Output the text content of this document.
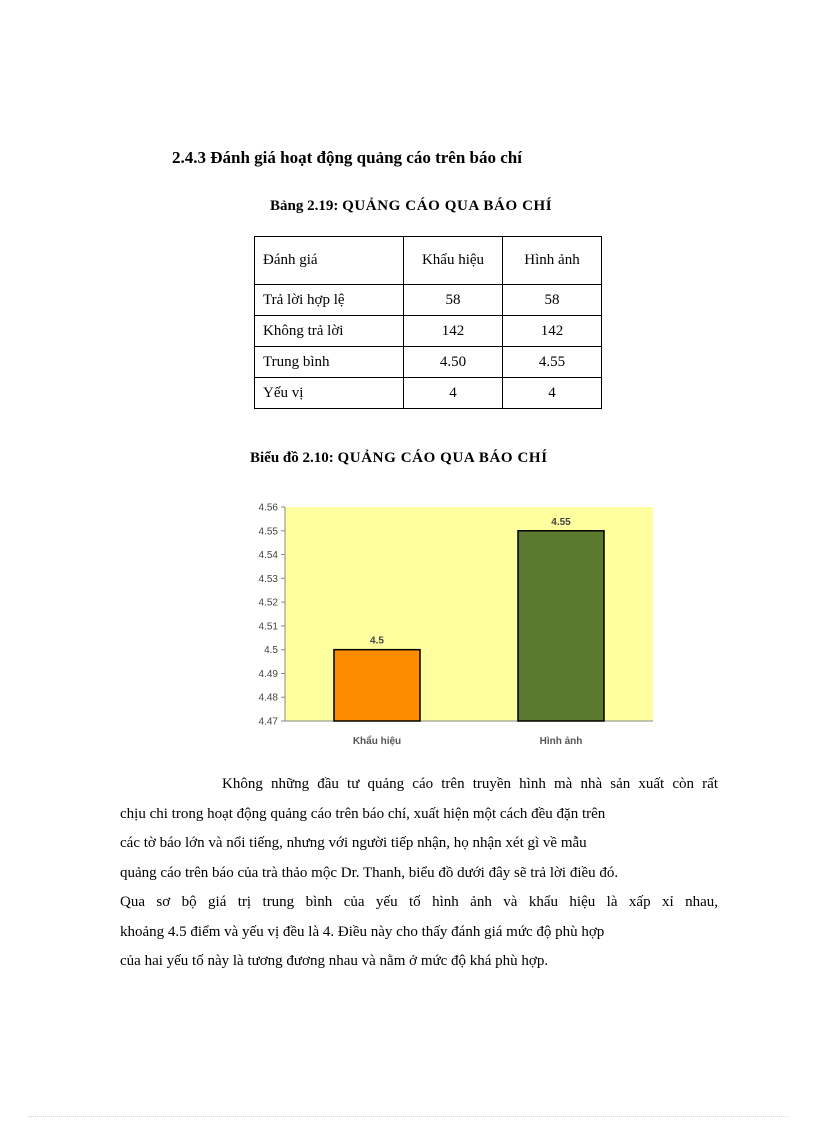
2.4.3 Đánh giá hoạt động quảng cáo trên báo chí
Bảng 2.19: QUẢNG CÁO QUA BÁO CHÍ
Đánh giá	Khẩu hiệu	Hình ảnh
Trả lời hợp lệ	58	58
Không trả lời	142	142
Trung bình	4.50	4.55
Yếu vị	4	4
Biểu đồ 2.10: QUẢNG CÁO QUA BÁO CHÍ
4.56
4.55
4.54
4.53
4.52
4.51
4.5
4.49
4.48
4.47
4.5
Khẩu hiệu
4.55
Hình ảnh
Không những đầu tư quảng cáo trên truyền hình mà nhà sản xuất còn rất
chịu chi trong hoạt động quảng cáo trên báo chí, xuất hiện một cách đều đặn trên
các tờ báo lớn và nổi tiếng, nhưng với người tiếp nhận, họ nhận xét gì về mẫu
quảng cáo trên báo của trà thảo mộc Dr. Thanh, biểu đồ dưới đây sẽ trả lời điều đó.
Qua sơ bộ giá trị trung bình của yếu tố hình ảnh và khẩu hiệu là xấp xỉ nhau,
khoảng 4.5 điểm và yếu vị đều là 4. Điều này cho thấy đánh giá mức độ phù hợp
của hai yếu tố này là tương đương nhau và nằm ở mức độ khá phù hợp.
